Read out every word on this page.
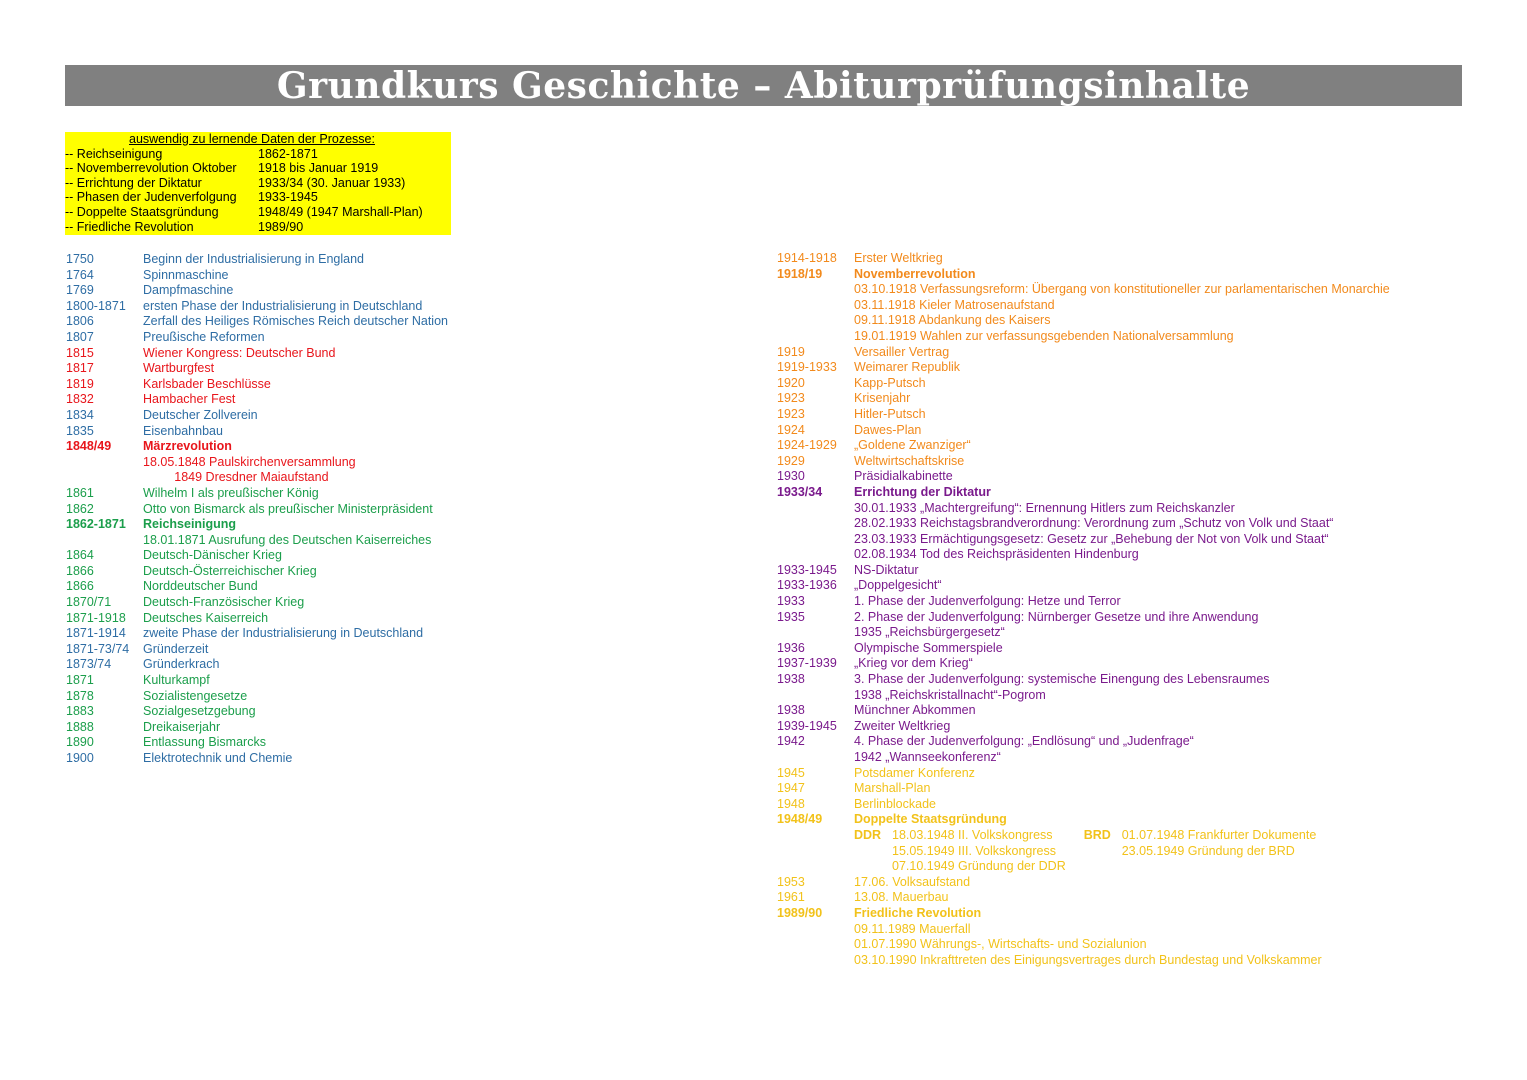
Grundkurs Geschichte – Abiturprüfungsinhalte
auswendig zu lernende Daten der Prozesse:
-- Reichseinigung	1862-1871
-- Novemberrevolution Oktober	1918 bis Januar 1919
-- Errichtung der Diktatur	1933/34 (30. Januar 1933)
-- Phasen der Judenverfolgung	1933-1945
-- Doppelte Staatsgründung	1948/49 (1947 Marshall-Plan)
-- Friedliche Revolution	1989/90
1750	Beginn der Industrialisierung in England
1764	Spinnmaschine
1769	Dampfmaschine
1800-1871	ersten Phase der Industrialisierung in Deutschland
1806	Zerfall des Heiliges Römisches Reich deutscher Nation
1807	Preußische Reformen
1815	Wiener Kongress: Deutscher Bund
1817	Wartburgfest
1819	Karlsbader Beschlüsse
1832	Hambacher Fest
1834	Deutscher Zollverein
1835	Eisenbahnbau
1848/49	Märzrevolution
18.05.1848 Paulskirchenversammlung
1849 Dresdner Maiaufstand
1861	Wilhelm I als preußischer König
1862	Otto von Bismarck als preußischer Ministerpräsident
1862-1871	Reichseinigung
18.01.1871 Ausrufung des Deutschen Kaiserreiches
1864	Deutsch-Dänischer Krieg
1866	Deutsch-Österreichischer Krieg
1866	Norddeutscher Bund
1870/71	Deutsch-Französischer Krieg
1871-1918	Deutsches Kaiserreich
1871-1914	zweite Phase der Industrialisierung in Deutschland
1871-73/74	Gründerzeit
1873/74	Gründerkrach
1871	Kulturkampf
1878	Sozialistengesetze
1883	Sozialgesetzgebung
1888	Dreikaiserjahr
1890	Entlassung Bismarcks
1900	Elektrotechnik und Chemie
1914-1918	Erster Weltkrieg
1918/19	Novemberrevolution
03.10.1918 Verfassungsreform: Übergang von konstitutioneller zur parlamentarischen Monarchie
03.11.1918 Kieler Matrosenaufstand
09.11.1918 Abdankung des Kaisers
19.01.1919 Wahlen zur verfassungsgebenden Nationalversammlung
1919	Versailler Vertrag
1919-1933	Weimarer Republik
1920	Kapp-Putsch
1923	Krisenjahr
1923	Hitler-Putsch
1924	Dawes-Plan
1924-1929	„Goldene Zwanziger“
1929	Weltwirtschaftskrise
1930	Präsidialkabinette
1933/34	Errichtung der Diktatur
30.01.1933 „Machtergreifung“: Ernennung Hitlers zum Reichskanzler
28.02.1933 Reichstagsbrandverordnung: Verordnung zum „Schutz von Volk und Staat“
23.03.1933 Ermächtigungsgesetz: Gesetz zur „Behebung der Not von Volk und Staat“
02.08.1934 Tod des Reichspräsidenten Hindenburg
1933-1945	NS-Diktatur
1933-1936	„Doppelgesicht“
1933	1. Phase der Judenverfolgung: Hetze und Terror
1935	2. Phase der Judenverfolgung: Nürnberger Gesetze und ihre Anwendung
1935 „Reichsbürgergesetz“
1936	Olympische Sommerspiele
1937-1939	„Krieg vor dem Krieg“
1938	3. Phase der Judenverfolgung: systemische Einengung des Lebensraumes
1938 „Reichskristallnacht“-Pogrom
1938	Münchner Abkommen
1939-1945	Zweiter Weltkrieg
1942	4. Phase der Judenverfolgung: „Endlösung“ und „Judenfrage“
1942 „Wannseekonferenz“
1945	Potsdamer Konferenz
1947	Marshall-Plan
1948	Berlinblockade
1948/49	Doppelte Staatsgründung
DDR 18.03.1948 II. Volkskongress
15.05.1949 III. Volkskongress
07.10.1949 Gründung der DDR
BRD 01.07.1948 Frankfurter Dokumente
23.05.1949 Gründung der BRD
1953	17.06. Volksaufstand
1961	13.08. Mauerbau
1989/90	Friedliche Revolution
09.11.1989 Mauerfall
01.07.1990 Währungs-, Wirtschafts- und Sozialunion
03.10.1990 Inkrafttreten des Einigungsvertrages durch Bundestag und Volkskammer
